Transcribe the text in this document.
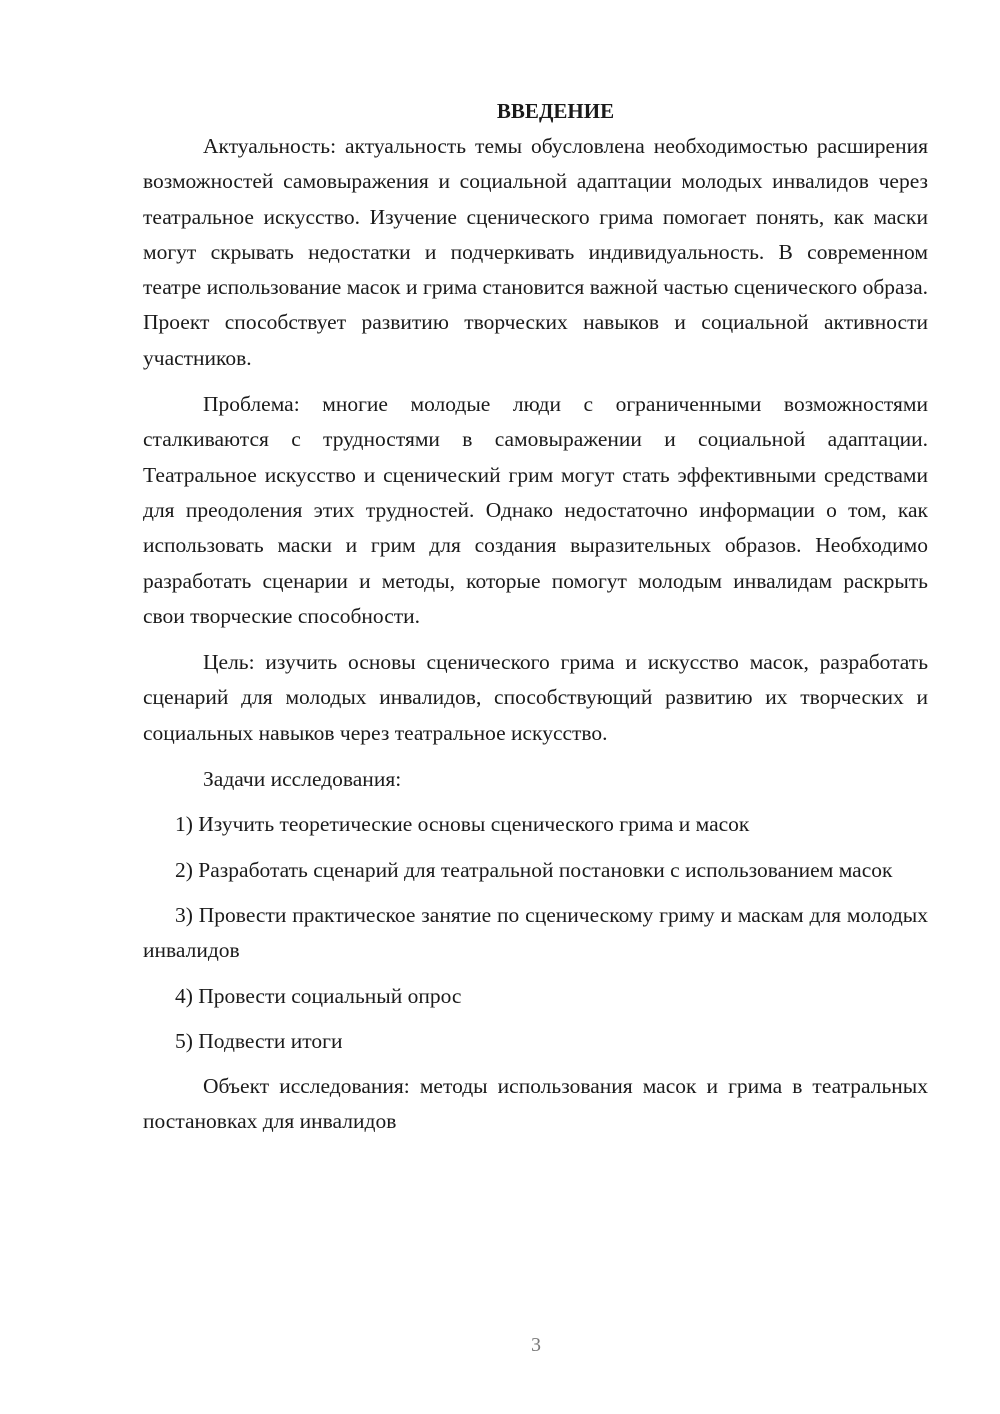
ВВЕДЕНИЕ

Актуальность: актуальность темы обусловлена необходимостью расширения возможностей самовыражения и социальной адаптации молодых инвалидов через театральное искусство. Изучение сценического грима помогает понять, как маски могут скрывать недостатки и подчеркивать индивидуальность. В современном театре использование масок и грима становится важной частью сценического образа. Проект способствует развитию творческих навыков и социальной активности участников.

Проблема: многие молодые люди с ограниченными возможностями сталкиваются с трудностями в самовыражении и социальной адаптации. Театральное искусство и сценический грим могут стать эффективными средствами для преодоления этих трудностей. Однако недостаточно информации о том, как использовать маски и грим для создания выразительных образов. Необходимо разработать сценарии и методы, которые помогут молодым инвалидам раскрыть свои творческие способности.

Цель: изучить основы сценического грима и искусство масок, разработать сценарий для молодых инвалидов, способствующий развитию их творческих и социальных навыков через театральное искусство.

Задачи исследования:

1) Изучить теоретические основы сценического грима и масок

2) Разработать сценарий для театральной постановки с использованием масок

3) Провести практическое занятие по сценическому гриму и маскам для молодых инвалидов

4) Провести социальный опрос

5) Подвести итоги

Объект исследования: методы использования масок и грима в театральных постановках для инвалидов

3
